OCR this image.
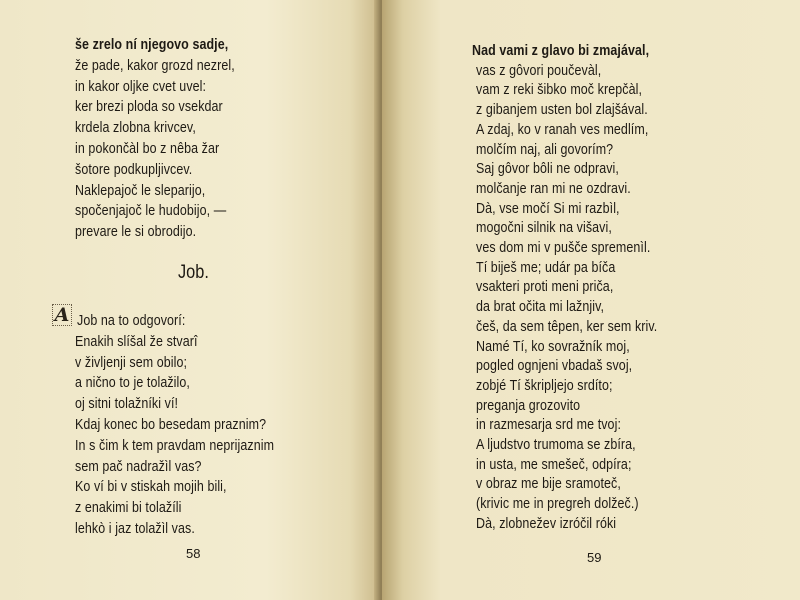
še zrelo ní njegovo sadje,
že pade, kakor grozd nezrel,
in kakor oljke cvet uvel:
ker brezi ploda so vsekdar
krdela zlobna krivcev,
in pokončàl bo z nêba žar
šotore podkupljivcev.
Naklepajoč le sleparijo,
spočenjajoč le hudobijo, —
prevare le si obrodijo.
Job.
A Job na to odgovorí:
Enakih slíšal že stvarî
v življenji sem obilo;
a nično to je tolažilo,
oj sitni tolažníki ví!
Kdaj konec bo besedam praznim?
In s čim k tem pravdam neprijaznim
sem pač nadražìl vas?
Ko ví bi v stiskah mojih bili,
z enakimi bi tolažíli
lehkò i jaz tolažìl vas.
58
Nad vami z glavo bi zmajával,
vas z gôvori poučevàl,
vam z reki šibko moč krepčàl,
z gibanjem usten bol zlajšával.
A zdaj, ko v ranah ves medlím,
molčím naj, ali govorím?
Saj gôvor bôli ne odpravi,
molčanje ran mi ne ozdravi.
Dà, vse močí Si mi razbìl,
mogočni silnik na višavi,
ves dom mi v pušče spremenìl.
Tí biješ me; udár pa bíča
vsakteri proti meni priča,
da brat očita mi lažnjiv,
češ, da sem têpen, ker sem kriv.
Namé Tí, ko sovražník moj,
pogled ognjeni vbadaš svoj,
zobjé Tí škripljejo srdíto;
preganja grozovito
in razmesarja srd me tvoj:
A ljudstvo trumoma se zbíra,
in usta, me smešeč, odpíra;
v obraz me bije sramoteč,
(krivic me in pregreh dolžeč.)
Dà, zlobnežev izróčil róki
59
